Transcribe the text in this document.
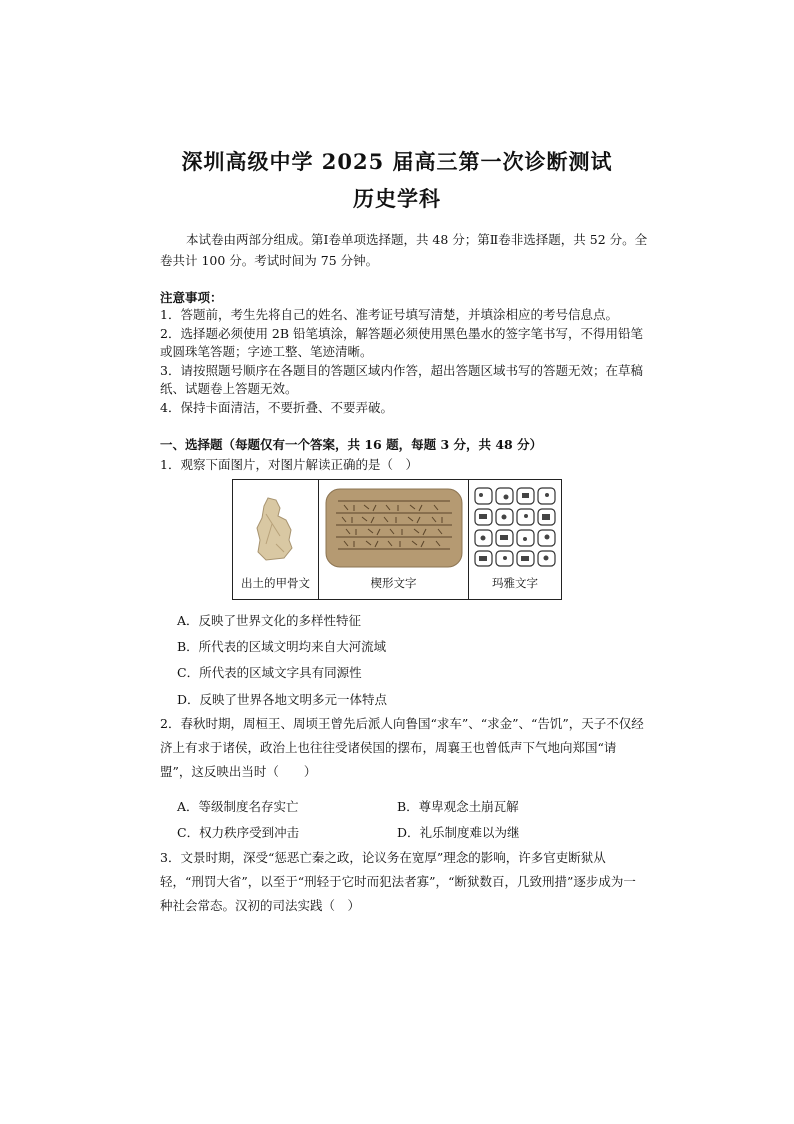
深圳高级中学 2025 届高三第一次诊断测试
历史学科

本试卷由两部分组成。第Ⅰ卷单项选择题，共 48 分；第Ⅱ卷非选择题，共 52 分。全卷共计 100 分。考试时间为 75 分钟。

注意事项：
1．答题前，考生先将自己的姓名、准考证号填写清楚，并填涂相应的考号信息点。
2．选择题必须使用 2B 铅笔填涂，解答题必须使用黑色墨水的签字笔书写，不得用铅笔或圆珠笔答题；字迹工整、笔迹清晰。
3．请按照题号顺序在各题目的答题区域内作答，超出答题区域书写的答题无效；在草稿纸、试题卷上答题无效。
4．保持卡面清洁，不要折叠、不要弄破。
一、选择题（每题仅有一个答案，共 16 题，每题 3 分，共 48 分）

1．观察下面图片，对图片解读正确的是（　）

出土的甲骨文	楔形文字	玛雅文字
A．反映了世界文化的多样性特征
B．所代表的区域文明均来自大河流域
C．所代表的区域文字具有同源性
D．反映了世界各地文明多元一体特点

2．春秋时期，周桓王、周顷王曾先后派人向鲁国“求车”、“求金”、“告饥”，天子不仅经济上有求于诸侯，政治上也往往受诸侯国的摆布，周襄王也曾低声下气地向郑国“请盟”，这反映出当时（　　）

A．等级制度名存实亡	B．尊卑观念土崩瓦解
C．权力秩序受到冲击	D．礼乐制度难以为继

3．文景时期，深受“惩恶亡秦之政，论议务在宽厚”理念的影响，许多官吏断狱从轻，“刑罚大省”，以至于“刑轻于它时而犯法者寡”，“断狱数百，几致刑措”逐步成为一种社会常态。汉初的司法实践（　）
